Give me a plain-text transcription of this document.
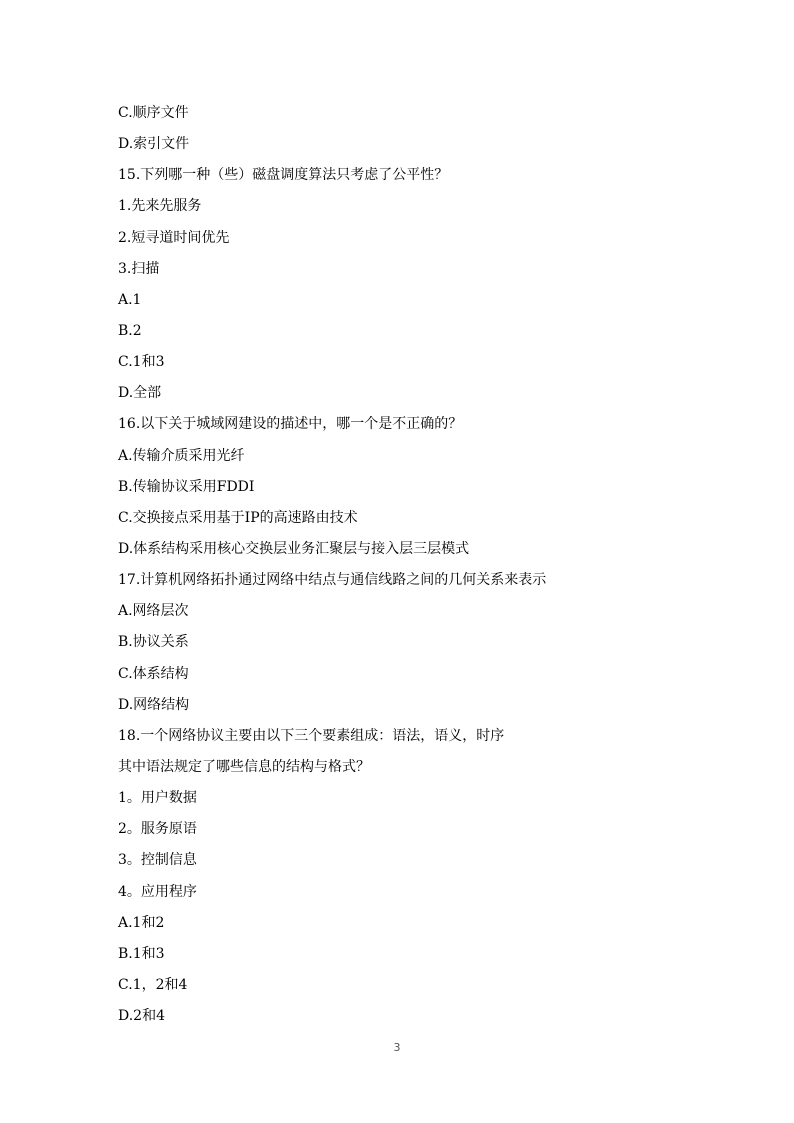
C.顺序文件
D.索引文件
15.下列哪一种（些）磁盘调度算法只考虑了公平性？
1.先来先服务
2.短寻道时间优先
3.扫描
A.1
B.2
C.1和3
D.全部
16.以下关于城域网建设的描述中，哪一个是不正确的？
A.传输介质采用光纤
B.传输协议采用FDDI
C.交换接点采用基于IP的高速路由技术
D.体系结构采用核心交换层业务汇聚层与接入层三层模式
17.计算机网络拓扑通过网络中结点与通信线路之间的几何关系来表示
A.网络层次
B.协议关系
C.体系结构
D.网络结构
18.一个网络协议主要由以下三个要素组成：语法，语义，时序
其中语法规定了哪些信息的结构与格式？
1。用户数据
2。服务原语
3。控制信息
4。应用程序
A.1和2
B.1和3
C.1，2和4
D.2和4
3
